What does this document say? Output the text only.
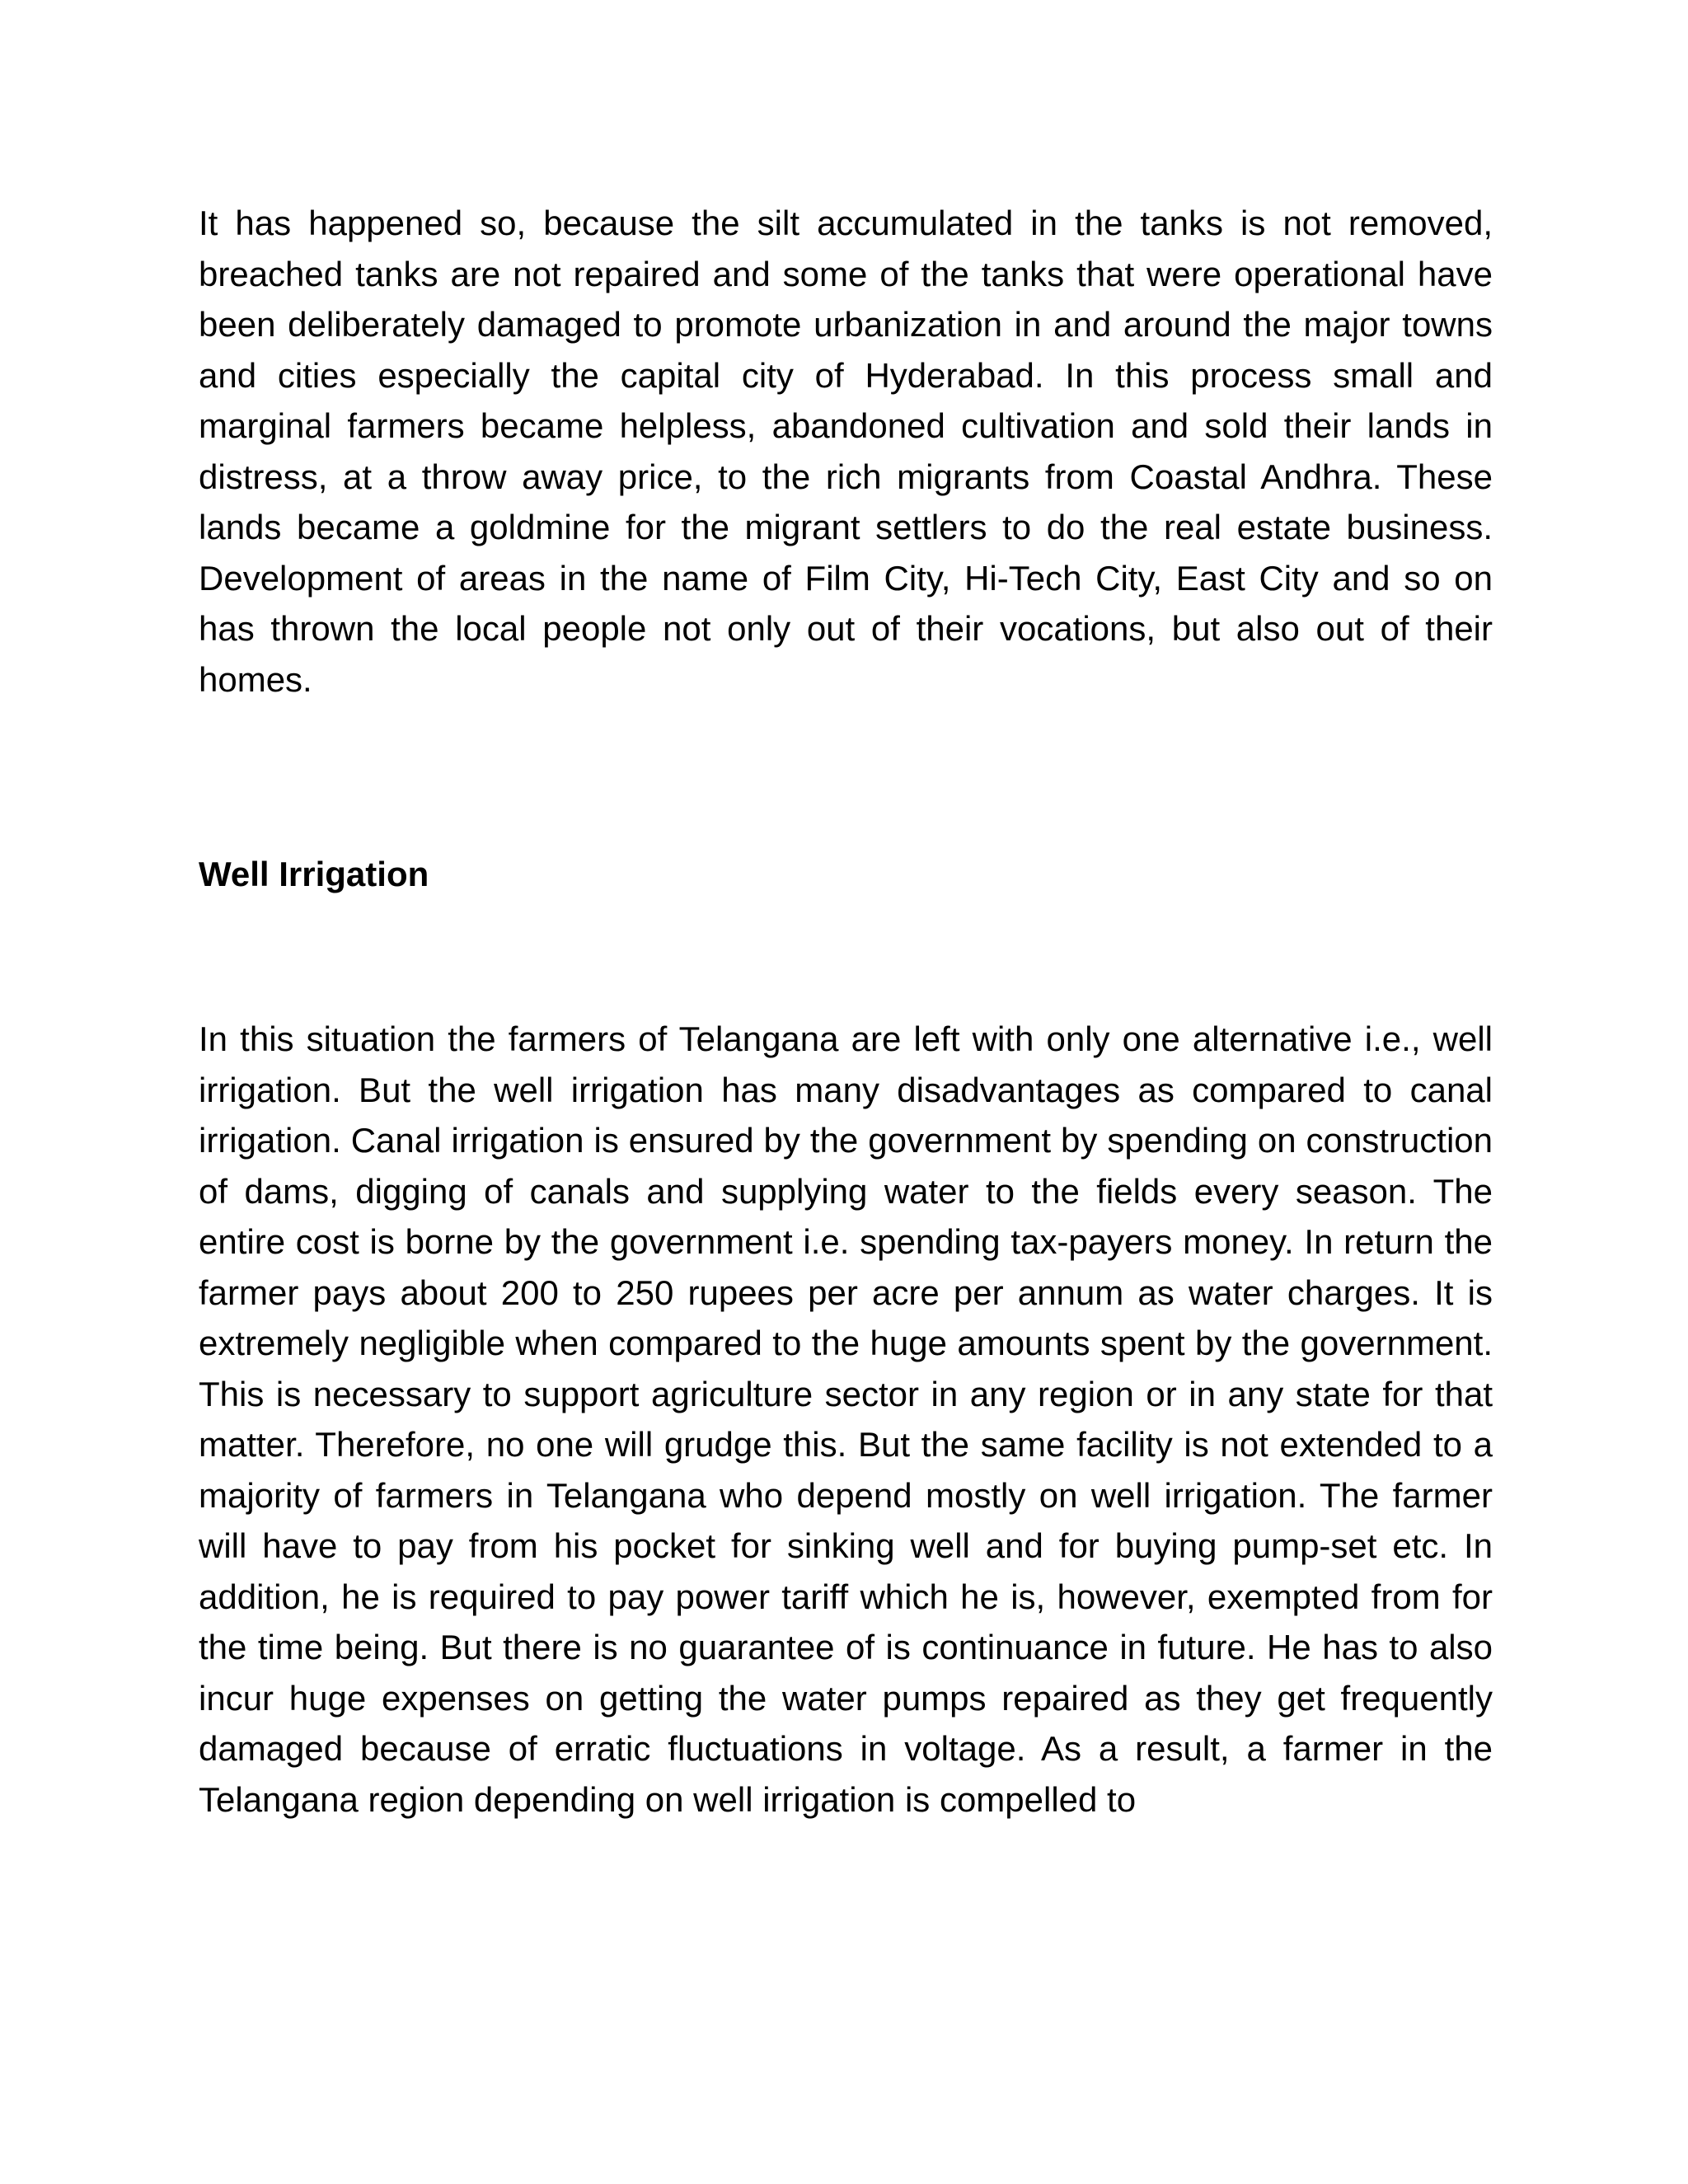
It has happened so, because the silt accumulated in the tanks is not removed, breached tanks are not repaired and some of the tanks that were operational have been deliberately damaged to promote urbanization in and around the major towns and cities especially the capital city of Hyderabad. In this process small and marginal farmers became helpless, abandoned cultivation and sold their lands in distress, at a throw away price, to the rich migrants from Coastal Andhra. These lands became a goldmine for the migrant settlers to do the real estate business. Development of areas in the name of Film City, Hi-Tech City, East City and so on has thrown the local people not only out of their vocations, but also out of their homes.

Well Irrigation

In this situation the farmers of Telangana are left with only one alternative i.e., well irrigation. But the well irrigation has many disadvantages as compared to canal irrigation. Canal irrigation is ensured by the government by spending on construction of dams, digging of canals and supplying water to the fields every season. The entire cost is borne by the government i.e. spending tax-payers money. In return the farmer pays about 200 to 250 rupees per acre per annum as water charges. It is extremely negligible when compared to the huge amounts spent by the government. This is necessary to support agriculture sector in any region or in any state for that matter. Therefore, no one will grudge this. But the same facility is not extended to a majority of farmers in Telangana who depend mostly on well irrigation. The farmer will have to pay from his pocket for sinking well and for buying pump-set etc. In addition, he is required to pay power tariff which he is, however, exempted from for the time being. But there is no guarantee of is continuance in future. He has to also incur huge expenses on getting the water pumps repaired as they get frequently damaged because of erratic fluctuations in voltage. As a result, a farmer in the Telangana region depending on well irrigation is compelled to
